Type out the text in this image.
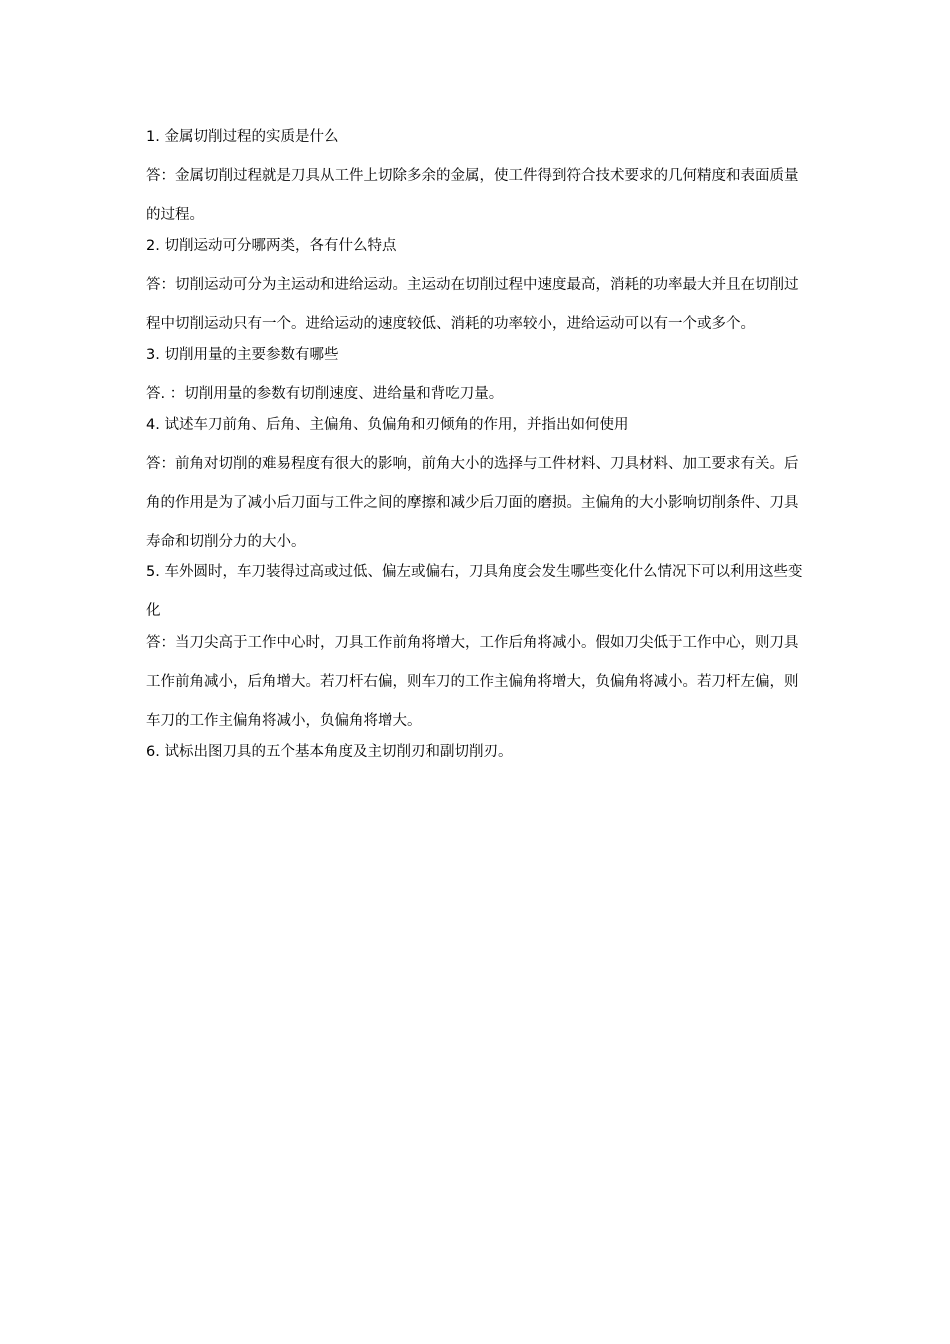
1. 金属切削过程的实质是什么

答：金属切削过程就是刀具从工件上切除多余的金属，使工件得到符合技术要求的几何精度和表面质量的过程。

2. 切削运动可分哪两类，各有什么特点

答：切削运动可分为主运动和进给运动。主运动在切削过程中速度最高，消耗的功率最大并且在切削过程中切削运动只有一个。进给运动的速度较低、消耗的功率较小，进给运动可以有一个或多个。

3. 切削用量的主要参数有哪些

答. ：切削用量的参数有切削速度、进给量和背吃刀量。

4. 试述车刀前角、后角、主偏角、负偏角和刃倾角的作用，并指出如何使用

答：前角对切削的难易程度有很大的影响，前角大小的选择与工件材料、刀具材料、加工要求有关。后角的作用是为了减小后刀面与工件之间的摩擦和减少后刀面的磨损。主偏角的大小影响切削条件、刀具寿命和切削分力的大小。

5. 车外圆时，车刀装得过高或过低、偏左或偏右，刀具角度会发生哪些变化什么情况下可以利用这些变化

答：当刀尖高于工作中心时，刀具工作前角将增大，工作后角将减小。假如刀尖低于工作中心，则刀具工作前角减小，后角增大。若刀杆右偏，则车刀的工作主偏角将增大，负偏角将减小。若刀杆左偏，则车刀的工作主偏角将减小，负偏角将增大。

6. 试标出图刀具的五个基本角度及主切削刃和副切削刃。
